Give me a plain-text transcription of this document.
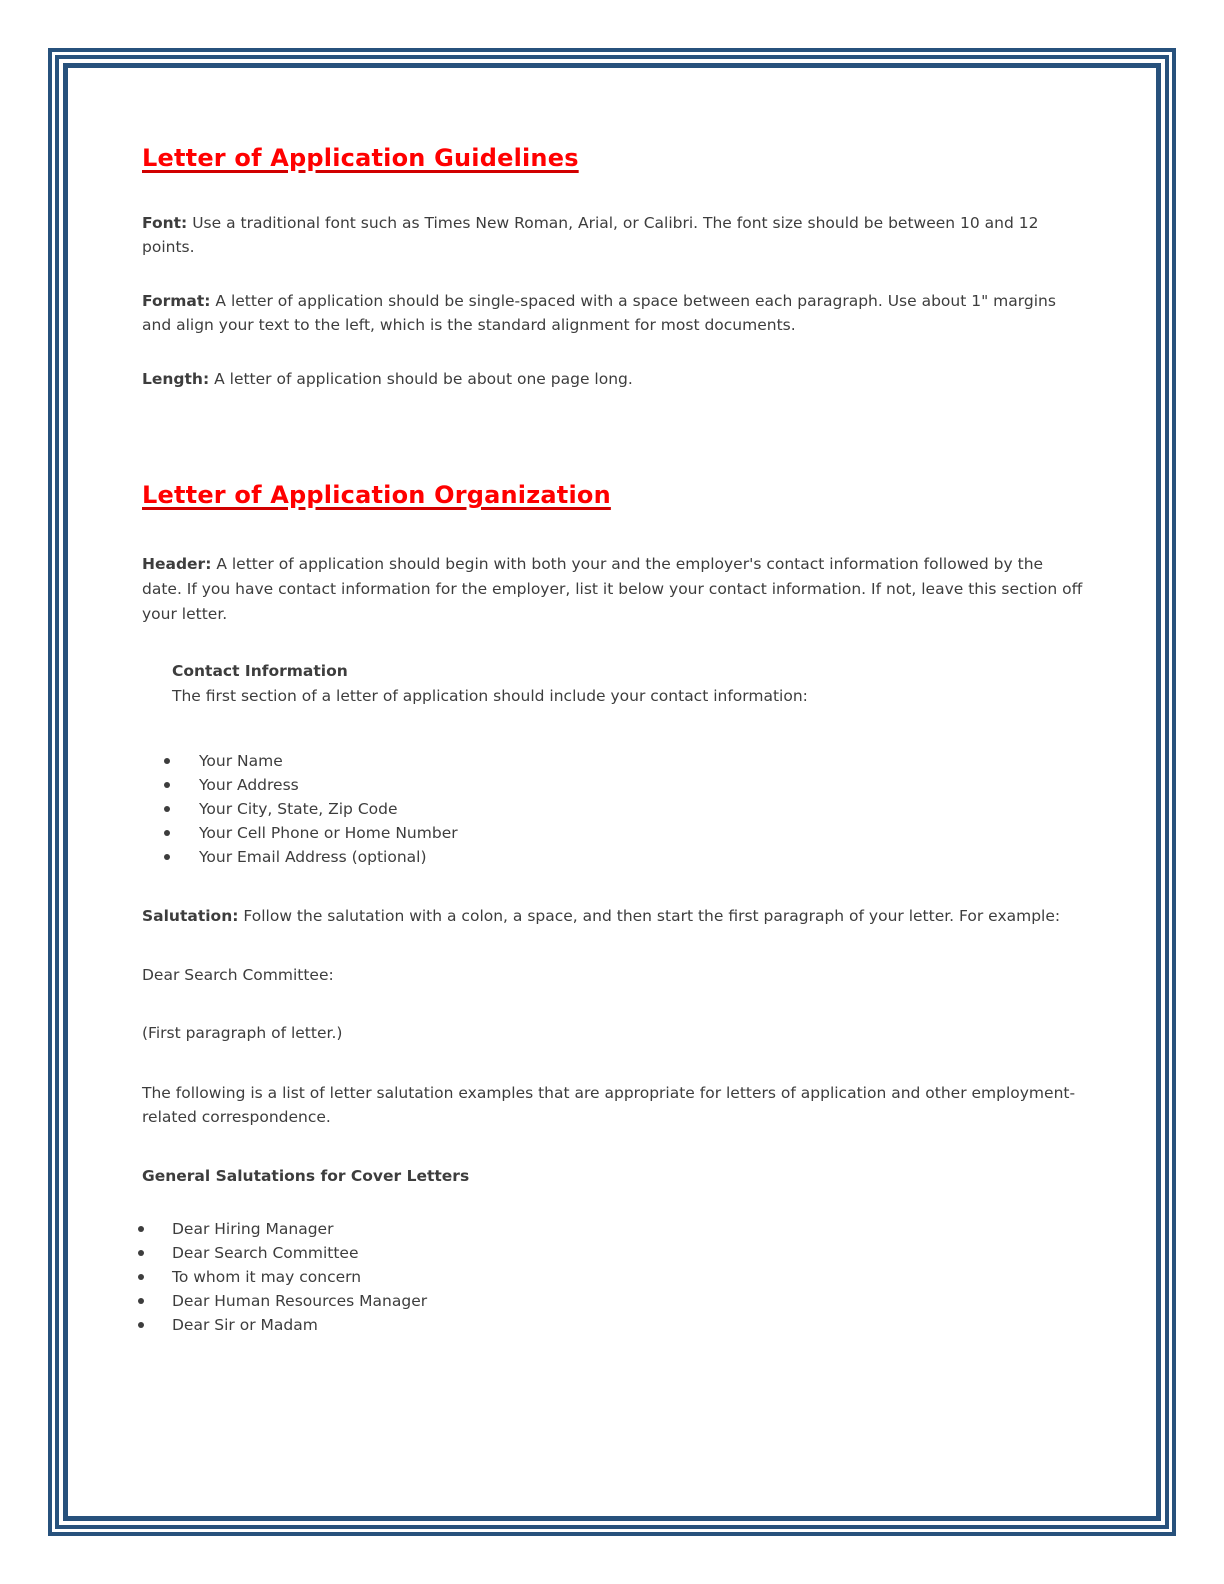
Letter of Application Guidelines

Font: Use a traditional font such as Times New Roman, Arial, or Calibri. The font size should be between 10 and 12 points.

Format: A letter of application should be single-spaced with a space between each paragraph. Use about 1" margins and align your text to the left, which is the standard alignment for most documents.

Length: A letter of application should be about one page long.

Letter of Application Organization

Header: A letter of application should begin with both your and the employer's contact information followed by the date. If you have contact information for the employer, list it below your contact information. If not, leave this section off your letter.

Contact Information
The first section of a letter of application should include your contact information:
Your Name
Your Address
Your City, State, Zip Code
Your Cell Phone or Home Number
Your Email Address (optional)

Salutation: Follow the salutation with a colon, a space, and then start the first paragraph of your letter. For example:

Dear Search Committee:

(First paragraph of letter.)

The following is a list of letter salutation examples that are appropriate for letters of application and other employment-related correspondence.

General Salutations for Cover Letters
Dear Hiring Manager
Dear Search Committee
To whom it may concern
Dear Human Resources Manager
Dear Sir or Madam
